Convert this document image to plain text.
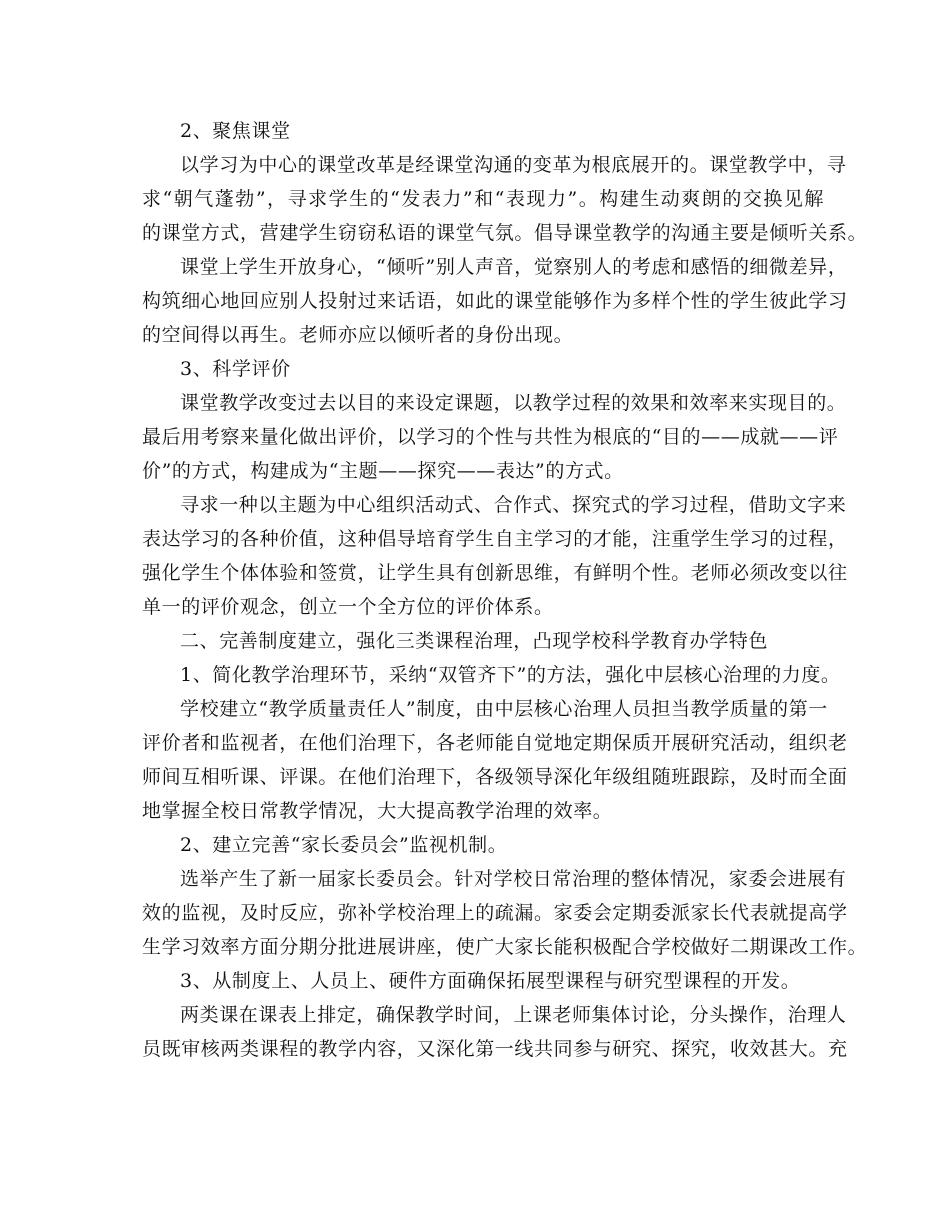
2、聚焦课堂
以学习为中心的课堂改革是经课堂沟通的变革为根底展开的。课堂教学中，寻
求“朝气蓬勃”，寻求学生的“发表力”和“表现力”。构建生动爽朗的交换见解
的课堂方式，营建学生窃窃私语的课堂气氛。倡导课堂教学的沟通主要是倾听关系。
课堂上学生开放身心，“倾听”别人声音，觉察别人的考虑和感悟的细微差异，
构筑细心地回应别人投射过来话语，如此的课堂能够作为多样个性的学生彼此学习
的空间得以再生。老师亦应以倾听者的身份出现。
3、科学评价
课堂教学改变过去以目的来设定课题，以教学过程的效果和效率来实现目的。
最后用考察来量化做出评价，以学习的个性与共性为根底的“目的——成就——评
价”的方式，构建成为“主题——探究——表达”的方式。
寻求一种以主题为中心组织活动式、合作式、探究式的学习过程，借助文字来
表达学习的各种价值，这种倡导培育学生自主学习的才能，注重学生学习的过程，
强化学生个体体验和签赏，让学生具有创新思维，有鲜明个性。老师必须改变以往
单一的评价观念，创立一个全方位的评价体系。
二、完善制度建立，强化三类课程治理，凸现学校科学教育办学特色
1、简化教学治理环节，采纳“双管齐下”的方法，强化中层核心治理的力度。
学校建立“教学质量责任人”制度，由中层核心治理人员担当教学质量的第一
评价者和监视者，在他们治理下，各老师能自觉地定期保质开展研究活动，组织老
师间互相听课、评课。在他们治理下，各级领导深化年级组随班跟踪，及时而全面
地掌握全校日常教学情况，大大提高教学治理的效率。
2、建立完善“家长委员会”监视机制。
选举产生了新一届家长委员会。针对学校日常治理的整体情况，家委会进展有
效的监视，及时反应，弥补学校治理上的疏漏。家委会定期委派家长代表就提高学
生学习效率方面分期分批进展讲座，使广大家长能积极配合学校做好二期课改工作。
3、从制度上、人员上、硬件方面确保拓展型课程与研究型课程的开发。
两类课在课表上排定，确保教学时间，上课老师集体讨论，分头操作，治理人
员既审核两类课程的教学内容，又深化第一线共同参与研究、探究，收效甚大。充
